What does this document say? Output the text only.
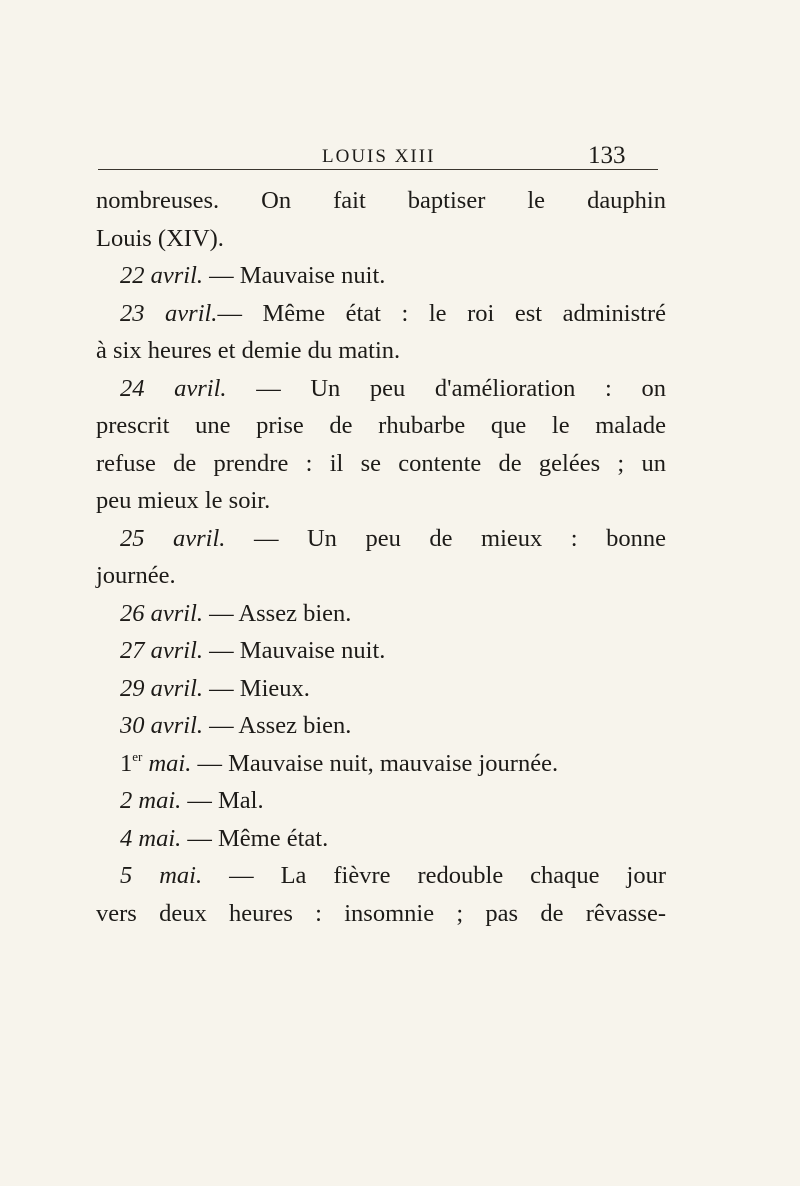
LOUIS XIII	133
nombreuses. On fait baptiser le dauphin
Louis (XIV).
22 avril. — Mauvaise nuit.
23 avril.— Même état : le roi est administré
à six heures et demie du matin.
24 avril. — Un peu d'amélioration : on
prescrit une prise de rhubarbe que le malade
refuse de prendre : il se contente de gelées ; un
peu mieux le soir.
25 avril. — Un peu de mieux : bonne
journée.
26 avril. — Assez bien.
27 avril. — Mauvaise nuit.
29 avril. — Mieux.
30 avril. — Assez bien.
1er mai. — Mauvaise nuit, mauvaise journée.
2 mai. — Mal.
4 mai. — Même état.
5 mai. — La fièvre redouble chaque jour
vers deux heures : insomnie ; pas de rêvasse-
